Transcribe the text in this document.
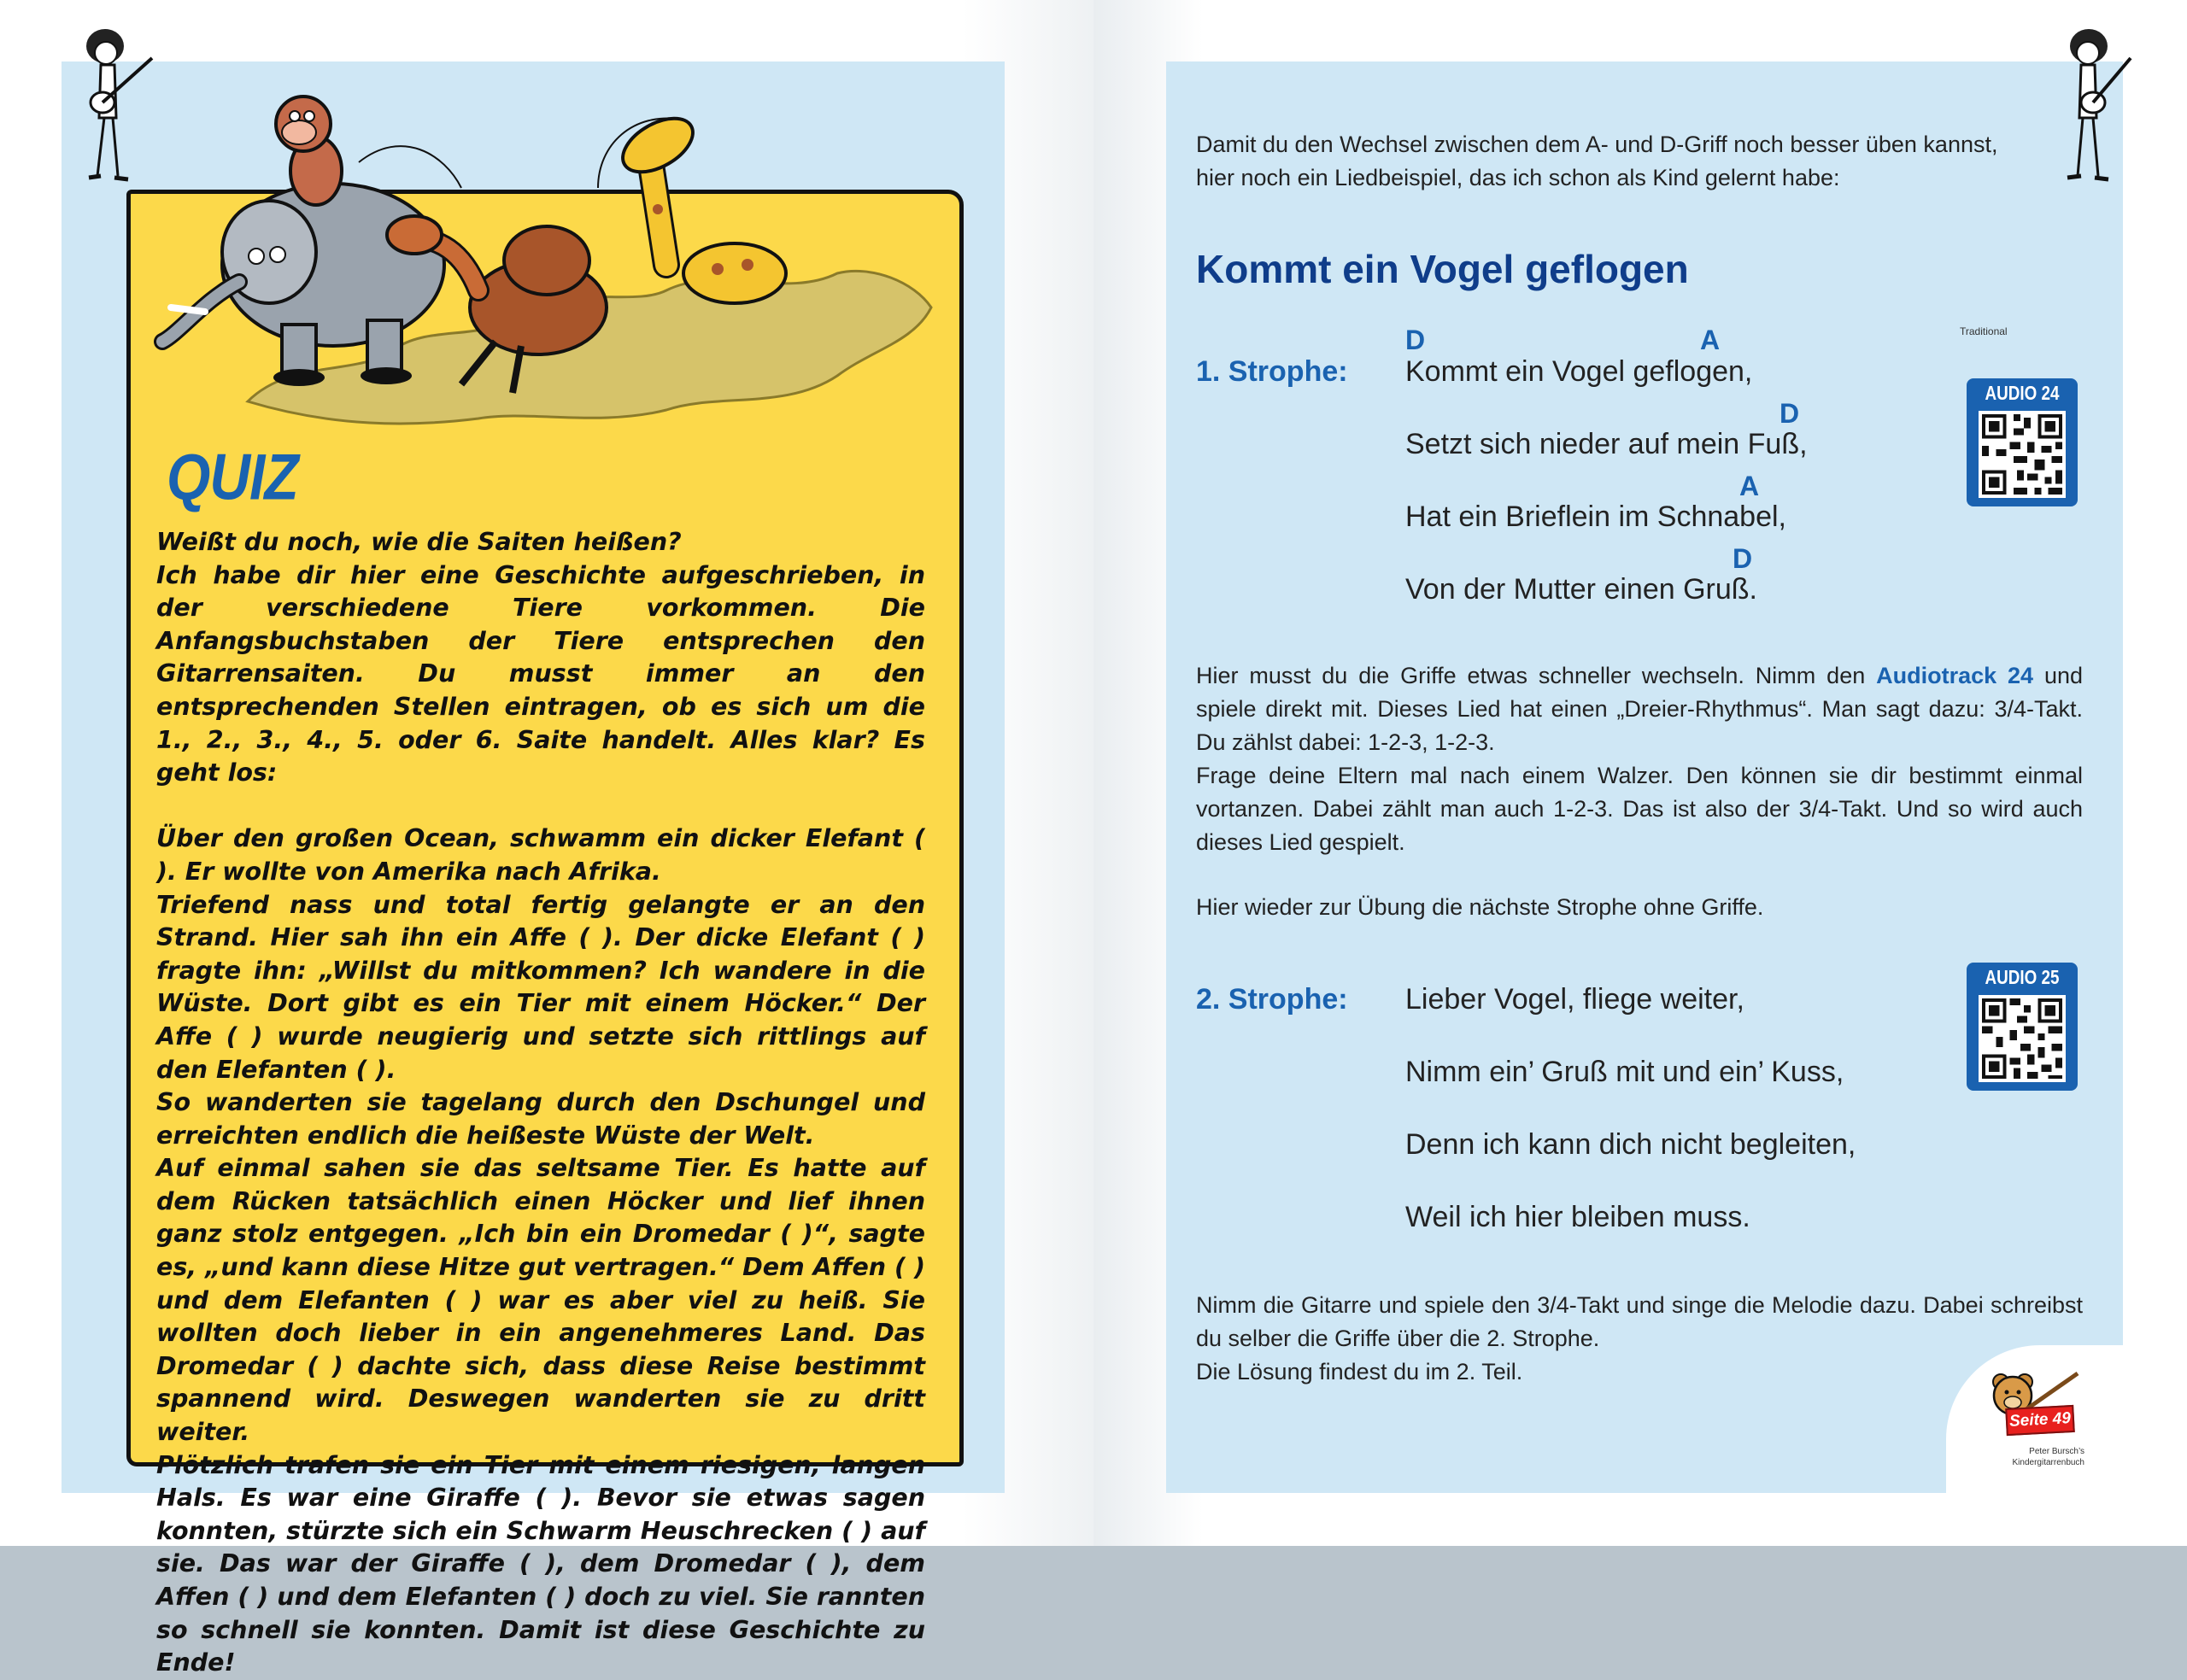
QUIZ

Weißt du noch, wie die Saiten heißen?

Ich habe dir hier eine Geschichte aufgeschrieben, in der verschiedene Tiere vorkommen. Die Anfangsbuchstaben der Tiere entsprechen den Gitarrensaiten. Du musst immer an den entsprechenden Stellen eintragen, ob es sich um die 1., 2., 3., 4., 5. oder 6. Saite handelt. Alles klar? Es geht los:

Über den großen Ocean, schwamm ein dicker Elefant ( ). Er wollte von Amerika nach Afrika.

Triefend nass und total fertig gelangte er an den Strand. Hier sah ihn ein Affe ( ). Der dicke Elefant ( ) fragte ihn: „Willst du mitkommen? Ich wandere in die Wüste. Dort gibt es ein Tier mit einem Höcker.“ Der Affe ( ) wurde neugierig und setzte sich rittlings auf den Elefanten ( ).

So wanderten sie tagelang durch den Dschungel und erreichten endlich die heißeste Wüste der Welt.

Auf einmal sahen sie das seltsame Tier. Es hatte auf dem Rücken tatsächlich einen Höcker und lief ihnen ganz stolz entgegen. „Ich bin ein Dromedar ( )“, sagte es, „und kann diese Hitze gut vertragen.“ Dem Affen ( ) und dem Elefanten ( ) war es aber viel zu heiß. Sie wollten doch lieber in ein angenehmeres Land. Das Dromedar ( ) dachte sich, dass diese Reise bestimmt spannend wird. Deswegen wanderten sie zu dritt weiter.

Plötzlich trafen sie ein Tier mit einem riesigen, langen Hals. Es war eine Giraffe ( ). Bevor sie etwas sagen konnten, stürzte sich ein Schwarm Heuschrecken ( ) auf sie. Das war der Giraffe ( ), dem Dromedar ( ), dem Affen ( ) und dem Elefanten ( ) doch zu viel. Sie rannten so schnell sie konnten. Damit ist diese Geschichte zu Ende!

Damit du den Wechsel zwischen dem A- und D-Griff noch besser üben kannst, hier noch ein Liedbeispiel, das ich schon als Kind gelernt habe:
Kommt ein Vogel geflogen
Traditional
1. Strophe:
D	A
Kommt ein Vogel geflogen,
D
Setzt sich nieder auf mein Fuß,
A
Hat ein Brieflein im Schnabel,
D
Von der Mutter einen Gruß.
AUDIO 24

Hier musst du die Griffe etwas schneller wechseln. Nimm den Audiotrack 24 und spiele direkt mit. Dieses Lied hat einen „Dreier-Rhythmus“. Man sagt dazu: 3/4-Takt. Du zählst dabei: 1-2-3, 1-2-3.

Frage deine Eltern mal nach einem Walzer. Den können sie dir bestimmt einmal vortanzen. Dabei zählt man auch 1-2-3. Das ist also der 3/4-Takt. Und so wird auch dieses Lied gespielt.

Hier wieder zur Übung die nächste Strophe ohne Griffe.
2. Strophe: Lieber Vogel, fliege weiter,
Nimm ein’ Gruß mit und ein’ Kuss,
Denn ich kann dich nicht begleiten,
Weil ich hier bleiben muss.
AUDIO 25

Nimm die Gitarre und spiele den 3/4-Takt und singe die Melodie dazu. Dabei schreibst du selber die Griffe über die 2. Strophe.

Die Lösung findest du im 2. Teil.

Seite 49
Peter Bursch’s
Kindergitarrenbuch
